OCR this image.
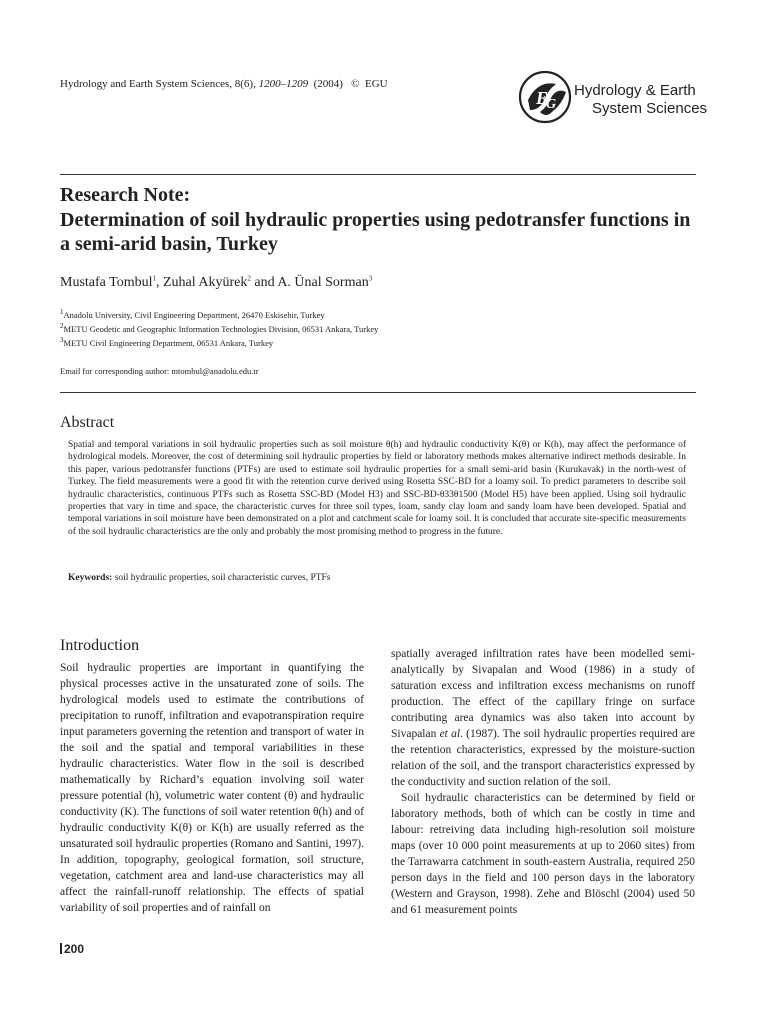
Hydrology and Earth System Sciences, 8(6), 1200–1209  (2004)   ©  EGU
E
G
Hydrology & Earth
System Sciences
Research Note:
Determination of soil hydraulic properties using pedotransfer functions in a semi-arid basin, Turkey
Mustafa Tombul$^1$, Zuhal Akyürek$^2$ and A. Ünal Sorman$^3$
$^1$Anadolu University, Civil Engineering Department, 26470 Eskisehir, Turkey
$^2$METU Geodetic and Geographic Information Technologies Division, 06531 Ankara, Turkey
$^3$METU Civil Engineering Department, 06531 Ankara, Turkey
Email for corresponding author: mtombul@anadolu.edu.tr
Abstract
Spatial and temporal variations in soil hydraulic properties such as soil moisture θ(h) and hydraulic conductivity K(θ) or K(h), may affect the performance of hydrological models. Moreover, the cost of determining soil hydraulic properties by field or laboratory methods makes alternative indirect methods desirable. In this paper, various pedotransfer functions (PTFs) are used to estimate soil hydraulic properties for a small semi-arid basin (Kurukavak) in the north-west of Turkey. The field measurements were a good fit with the retention curve derived using Rosetta SSC-BD for a loamy soil. To predict parameters to describe soil hydraulic characteristics, continuous PTFs such as Rosetta SSC-BD (Model H3) and SSC-BD-θ33θ1500 (Model H5) have been applied. Using soil hydraulic properties that vary in time and space, the characteristic curves for three soil types, loam, sandy clay loam and sandy loam have been developed. Spatial and temporal variations in soil moisture have been demonstrated on a plot and catchment scale for loamy soil. It is concluded that accurate site-specific measurements of the soil hydraulic characteristics are the only and probably the most promising method to progress in the future.
Keywords: soil hydraulic properties, soil characteristic curves, PTFs
Introduction

Soil hydraulic properties are important in quantifying the physical processes active in the unsaturated zone of soils. The hydrological models used to estimate the contributions of precipitation to runoff, infiltration and evapotranspiration require input parameters governing the retention and transport of water in the soil and the spatial and temporal variabilities in these hydraulic characteristics. Water flow in the soil is described mathematically by Richard’s equation involving soil water pressure potential (h), volumetric water content (θ) and hydraulic conductivity (K). The functions of soil water retention θ(h) and of hydraulic conductivity K(θ) or K(h) are usually referred as the unsaturated soil hydraulic properties (Romano and Santini, 1997). In addition, topography, geological formation, soil structure, vegetation, catchment area and land-use characteristics may all affect the rainfall-runoff relationship. The effects of spatial variability of soil properties and of rainfall on

spatially averaged infiltration rates have been modelled semi-analytically by Sivapalan and Wood (1986) in a study of saturation excess and infiltration excess mechanisms on runoff production. The effect of the capillary fringe on surface contributing area dynamics was also taken into account by Sivapalan et al. (1987). The soil hydraulic properties required are the retention characteristics, expressed by the moisture-suction relation of the soil, and the transport characteristics expressed by the conductivity and suction relation of the soil.

Soil hydraulic characteristics can be determined by field or laboratory methods, both of which can be costly in time and labour: retreiving data including high-resolution soil moisture maps (over 10 000 point measurements at up to 2060 sites) from the Tarrawarra catchment in south-eastern Australia, required 250 person days in the field and 100 person days in the laboratory (Western and Grayson, 1998). Zehe and Blöschl (2004) used 50 and 61 measurement points

200
